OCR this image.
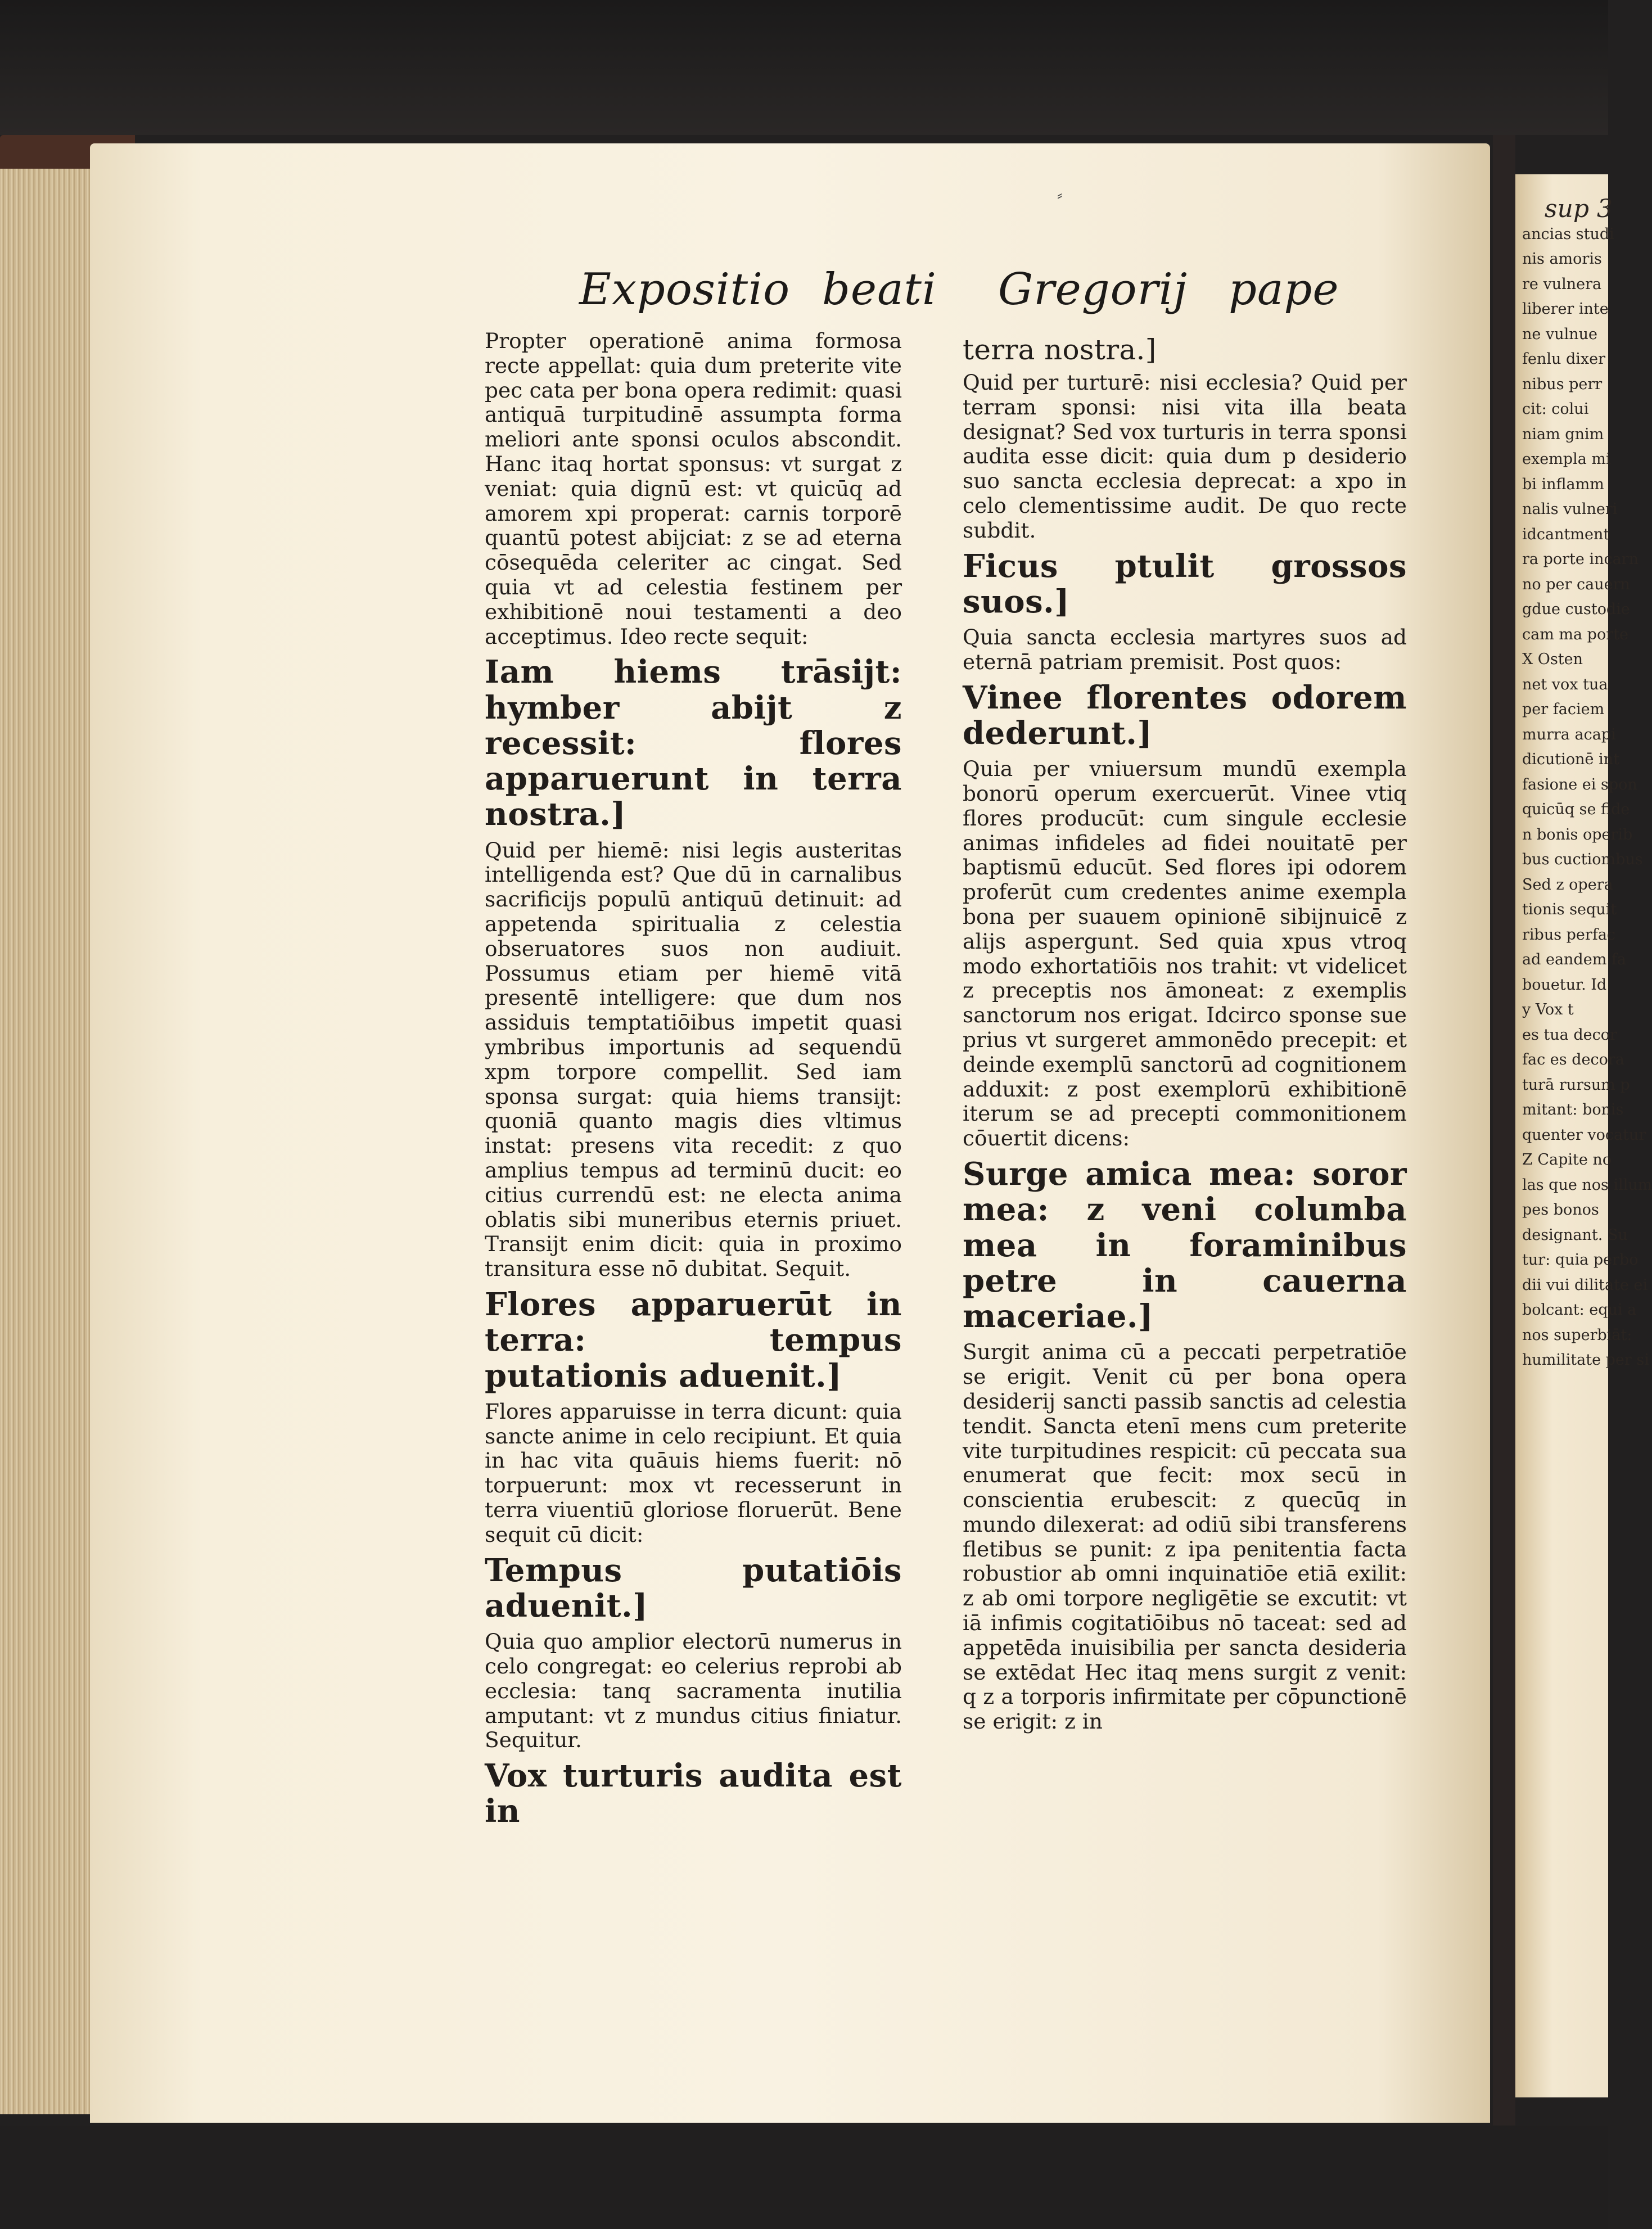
⸗
Expositio beati Gregorij pape

Propter operationē anima formosa recte appellat: quia dum preterite vite pec cata per bona opera redimit: quasi antiquā turpitudinē assumpta forma meliori ante sponsi oculos abscondit. Hanc itaq hortat sponsus: vt surgat z veniat: quia dignū est: vt quicūq ad amorem xpi properat: carnis torporē quantū potest abijciat: z se ad eterna cōsequēda celeriter ac cingat. Sed quia vt ad celestia festinem per exhibitionē noui testamenti a deo acceptimus. Ideo recte sequit:

Iam hiems trāsijt: hymber abijt z recessit: flores apparuerunt in terra nostra.]

Quid per hiemē: nisi legis austeritas intelligenda est? Que dū in carnalibus sacrificijs populū antiquū detinuit: ad appetenda spiritualia z celestia obseruatores suos non audiuit. Possumus etiam per hiemē vitā presentē intelligere: que dum nos assiduis temptatiōibus impetit quasi ymbribus importunis ad sequendū xpm torpore compellit. Sed iam sponsa surgat: quia hiems transijt: quoniā quanto magis dies vltimus instat: presens vita recedit: z quo amplius tempus ad terminū ducit: eo citius currendū est: ne electa anima oblatis sibi muneribus eternis priuet. Transijt enim dicit: quia in proximo transitura esse nō dubitat. Sequit.

Flores apparuerūt in terra: tempus putationis aduenit.]

Flores apparuisse in terra dicunt: quia sancte anime in celo recipiunt. Et quia in hac vita quāuis hiems fuerit: nō torpuerunt: mox vt recesserunt in terra viuentiū gloriose floruerūt. Bene sequit cū dicit:

Tempus putatiōis aduenit.]

Quia quo amplior electorū numerus in celo congregat: eo celerius reprobi ab ecclesia: tanq sacramenta inutilia amputant: vt z mundus citius finiatur. Sequitur.

Vox turturis audita est in

terra nostra.]

Quid per turturē: nisi ecclesia? Quid per terram sponsi: nisi vita illa beata designat? Sed vox turturis in terra sponsi audita esse dicit: quia dum p desiderio suo sancta ecclesia deprecat: a xpo in celo clementissime audit. De quo recte subdit.

Ficus ptulit grossos suos.]

Quia sancta ecclesia martyres suos ad eternā patriam premisit. Post quos:

Vinee florentes odorem dederunt.]

Quia per vniuersum mundū exempla bonorū operum exercuerūt. Vinee vtiq flores producūt: cum singule ecclesie animas infideles ad fidei nouitatē per baptismū educūt. Sed flores ipi odorem proferūt cum credentes anime exempla bona per suauem opinionē sibijnuicē z alijs aspergunt. Sed quia xpus vtroq modo exhortatiōis nos trahit: vt videlicet z preceptis nos āmoneat: z exemplis sanctorum nos erigat. Idcirco sponse sue prius vt surgeret ammonēdo precepit: et deinde exemplū sanctorū ad cognitionem adduxit: z post exemplorū exhibitionē iterum se ad precepti commonitionem cōuertit dicens:

Surge amica mea: soror mea: z veni columba mea in foraminibus petre in cauerna maceriae.]

Surgit anima cū a peccati perpetratiōe se erigit. Venit cū per bona opera desiderij sancti passib sanctis ad celestia tendit. Sancta etenī mens cum preterite vite turpitudines respicit: cū peccata sua enumerat que fecit: mox secū in conscientia erubescit: z quecūq in mundo dilexerat: ad odiū sibi transferens fletibus se punit: z ipa penitentia facta robustior ab omni inquinatiōe etiā exilit: z ab omi torpore negligētie se excutit: vt iā infimis cogitatiōibus nō taceat: sed ad appetēda inuisibilia per sancta desideria se extēdat Hec itaq mens surgit z venit: q z a torporis infirmitate per cōpunctionē se erigit: z in

sup 3
ancias studi
nis amoris
re vulnera
liberer inte
ne vulnue
fenlu dixer
nibus perr
cit: colui
niam gnim
exempla mi
bi inflamm
nalis vulneri
idcantment
ra porte incarn
no per cauern
gdue custodie
cam ma porte
X Osten
net vox tua
per faciem
murra acapi
dicutionē int
fasione ei spon
quicūq se fide
n bonis operib
bus cuctiombus
Sed z opera
tionis sequit
ribus perfac
ad eandem fa
bouetur. Id
y Vox t
es tua decor
fac es decora
turā rursum p
mitant: bonis
quenter vocatur
Z Capite no
las que nos illum
pes bonos
designant. Su
tur: quia perbo
dii vui dilitate ei
bolcant: equi a
nos superbiāt:
humilitate per si
